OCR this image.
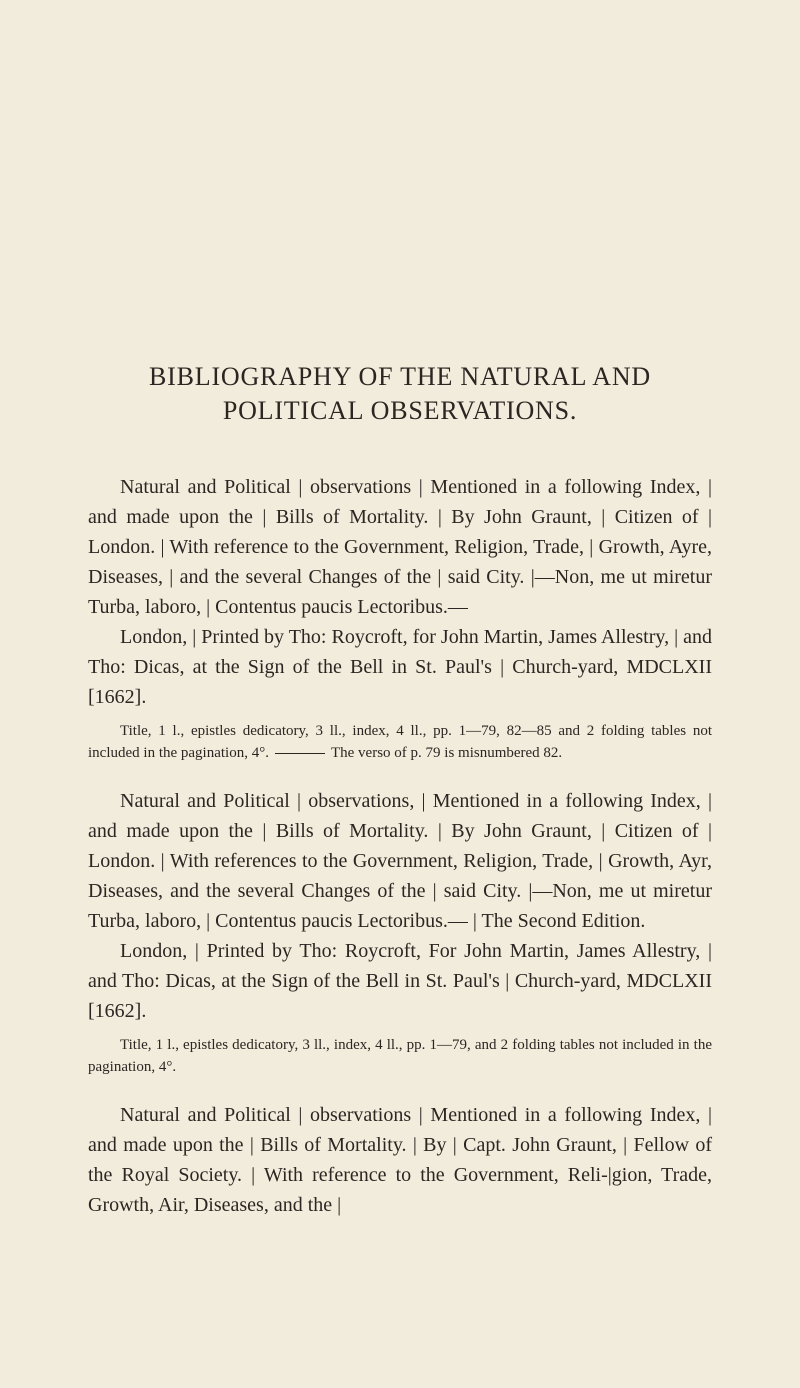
BIBLIOGRAPHY OF THE NATURAL AND
POLITICAL OBSERVATIONS.

Natural and Political | observations | Mentioned in a following Index, | and made upon the | Bills of Mortality. | By John Graunt, | Citizen of | London. | With reference to the Government, Religion, Trade, | Growth, Ayre, Diseases, | and the several Changes of the | said City. |—Non, me ut miretur Turba, laboro, | Contentus paucis Lectoribus.—

London, | Printed by Tho: Roycroft, for John Martin, James Allestry, | and Tho: Dicas, at the Sign of the Bell in St. Paul's | Church-yard, MDCLXII [1662].

Title, 1 l., epistles dedicatory, 3 ll., index, 4 ll., pp. 1—79, 82—85 and 2 folding tables not included in the pagination, 4°.	The verso of p. 79 is misnumbered 82.

Natural and Political | observations, | Mentioned in a following Index, | and made upon the | Bills of Mortality. | By John Graunt, | Citizen of | London. | With references to the Government, Religion, Trade, | Growth, Ayr, Diseases, and the several Changes of the | said City. |—Non, me ut miretur Turba, laboro, | Contentus paucis Lectoribus.— | The Second Edition.

London, | Printed by Tho: Roycroft, For John Martin, James Allestry, | and Tho: Dicas, at the Sign of the Bell in St. Paul's | Church-yard, MDCLXII [1662].

Title, 1 l., epistles dedicatory, 3 ll., index, 4 ll., pp. 1—79, and 2 folding tables not included in the pagination, 4°.

Natural and Political | observations | Mentioned in a following Index, | and made upon the | Bills of Mortality. | By | Capt. John Graunt, | Fellow of the Royal Society. | With reference to the Government, Reli-|gion, Trade, Growth, Air, Diseases, and the |
